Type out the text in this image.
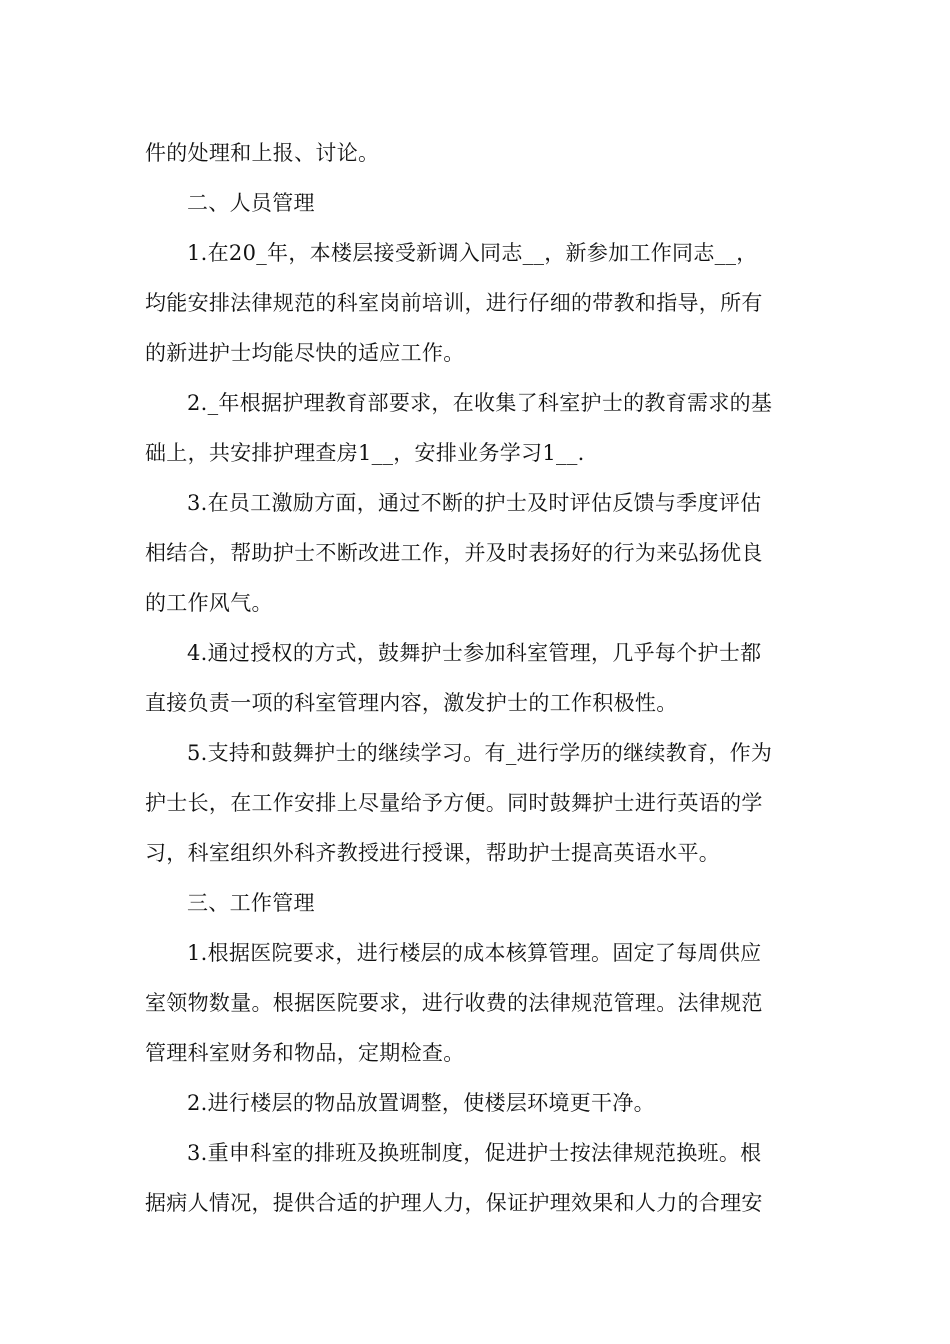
件的处理和上报、讨论。
二、人员管理
1.在20_年，本楼层接受新调入同志__，新参加工作同志__，
均能安排法律规范的科室岗前培训，进行仔细的带教和指导，所有
的新进护士均能尽快的适应工作。
2._年根据护理教育部要求，在收集了科室护士的教育需求的基
础上，共安排护理查房1__，安排业务学习1__.
3.在员工激励方面，通过不断的护士及时评估反馈与季度评估
相结合，帮助护士不断改进工作，并及时表扬好的行为来弘扬优良
的工作风气。
4.通过授权的方式，鼓舞护士参加科室管理，几乎每个护士都
直接负责一项的科室管理内容，激发护士的工作积极性。
5.支持和鼓舞护士的继续学习。有_进行学历的继续教育，作为
护士长，在工作安排上尽量给予方便。同时鼓舞护士进行英语的学
习，科室组织外科齐教授进行授课，帮助护士提高英语水平。
三、工作管理
1.根据医院要求，进行楼层的成本核算管理。固定了每周供应
室领物数量。根据医院要求，进行收费的法律规范管理。法律规范
管理科室财务和物品，定期检查。
2.进行楼层的物品放置调整，使楼层环境更干净。
3.重申科室的排班及换班制度，促进护士按法律规范换班。根
据病人情况，提供合适的护理人力，保证护理效果和人力的合理安
